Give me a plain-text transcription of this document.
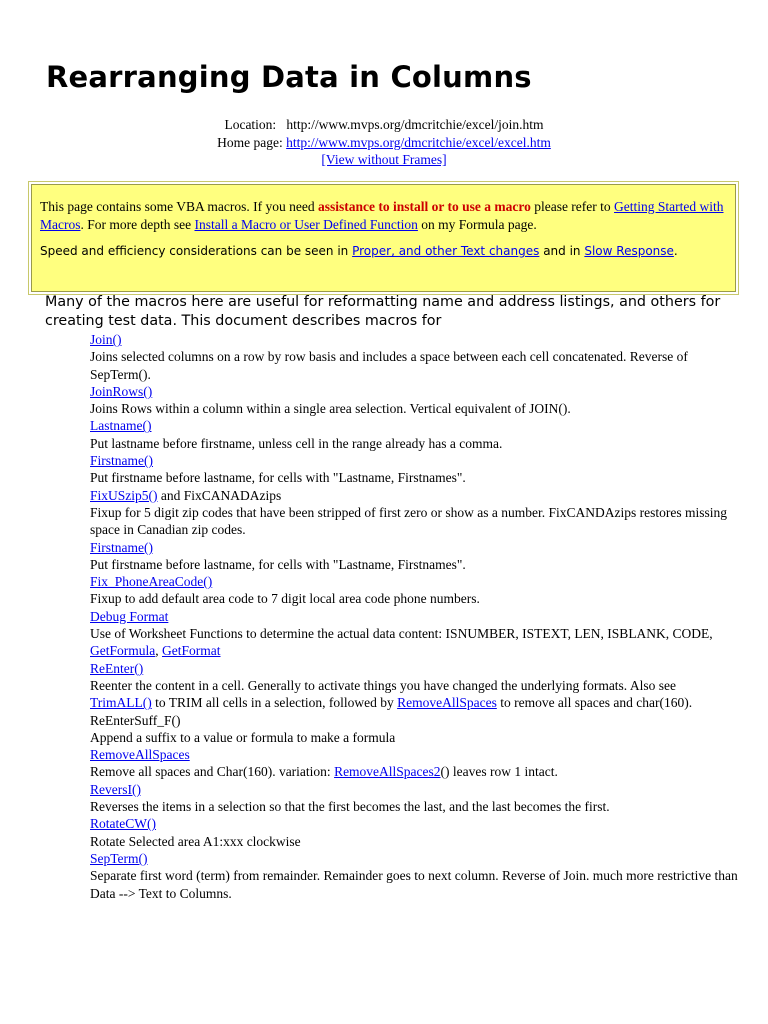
Rearranging Data in Columns
Location: http://www.mvps.org/dmcritchie/excel/join.htm
Home page: http://www.mvps.org/dmcritchie/excel/excel.htm
[View without Frames]

This page contains some VBA macros. If you need assistance to install or to use a macro please refer to Getting Started with Macros. For more depth see Install a Macro or User Defined Function on my Formula page.

Speed and efficiency considerations can be seen in Proper, and other Text changes and in Slow Response.

Many of the macros here are useful for reformatting name and address listings, and others for creating test data. This document describes macros for

Join()
Joins selected columns on a row by row basis and includes a space between each cell concatenated. Reverse of SepTerm().
JoinRows()
Joins Rows within a column within a single area selection. Vertical equivalent of JOIN().
Lastname()
Put lastname before firstname, unless cell in the range already has a comma.
Firstname()
Put firstname before lastname, for cells with "Lastname, Firstnames".
FixUSzip5() and FixCANADAzips
Fixup for 5 digit zip codes that have been stripped of first zero or show as a number. FixCANDAzips restores missing space in Canadian zip codes.
Firstname()
Put firstname before lastname, for cells with "Lastname, Firstnames".
Fix_PhoneAreaCode()
Fixup to add default area code to 7 digit local area code phone numbers.
Debug Format
Use of Worksheet Functions to determine the actual data content: ISNUMBER, ISTEXT, LEN, ISBLANK, CODE, GetFormula, GetFormat
ReEnter()
Reenter the content in a cell. Generally to activate things you have changed the underlying formats. Also see TrimALL() to TRIM all cells in a selection, followed by RemoveAllSpaces to remove all spaces and char(160).
ReEnterSuff_F()
Append a suffix to a value or formula to make a formula
RemoveAllSpaces
Remove all spaces and Char(160). variation: RemoveAllSpaces2() leaves row 1 intact.
ReversI()
Reverses the items in a selection so that the first becomes the last, and the last becomes the first.
RotateCW()
Rotate Selected area A1:xxx clockwise
SepTerm()
Separate first word (term) from remainder. Remainder goes to next column. Reverse of Join. much more restrictive than Data --> Text to Columns.
